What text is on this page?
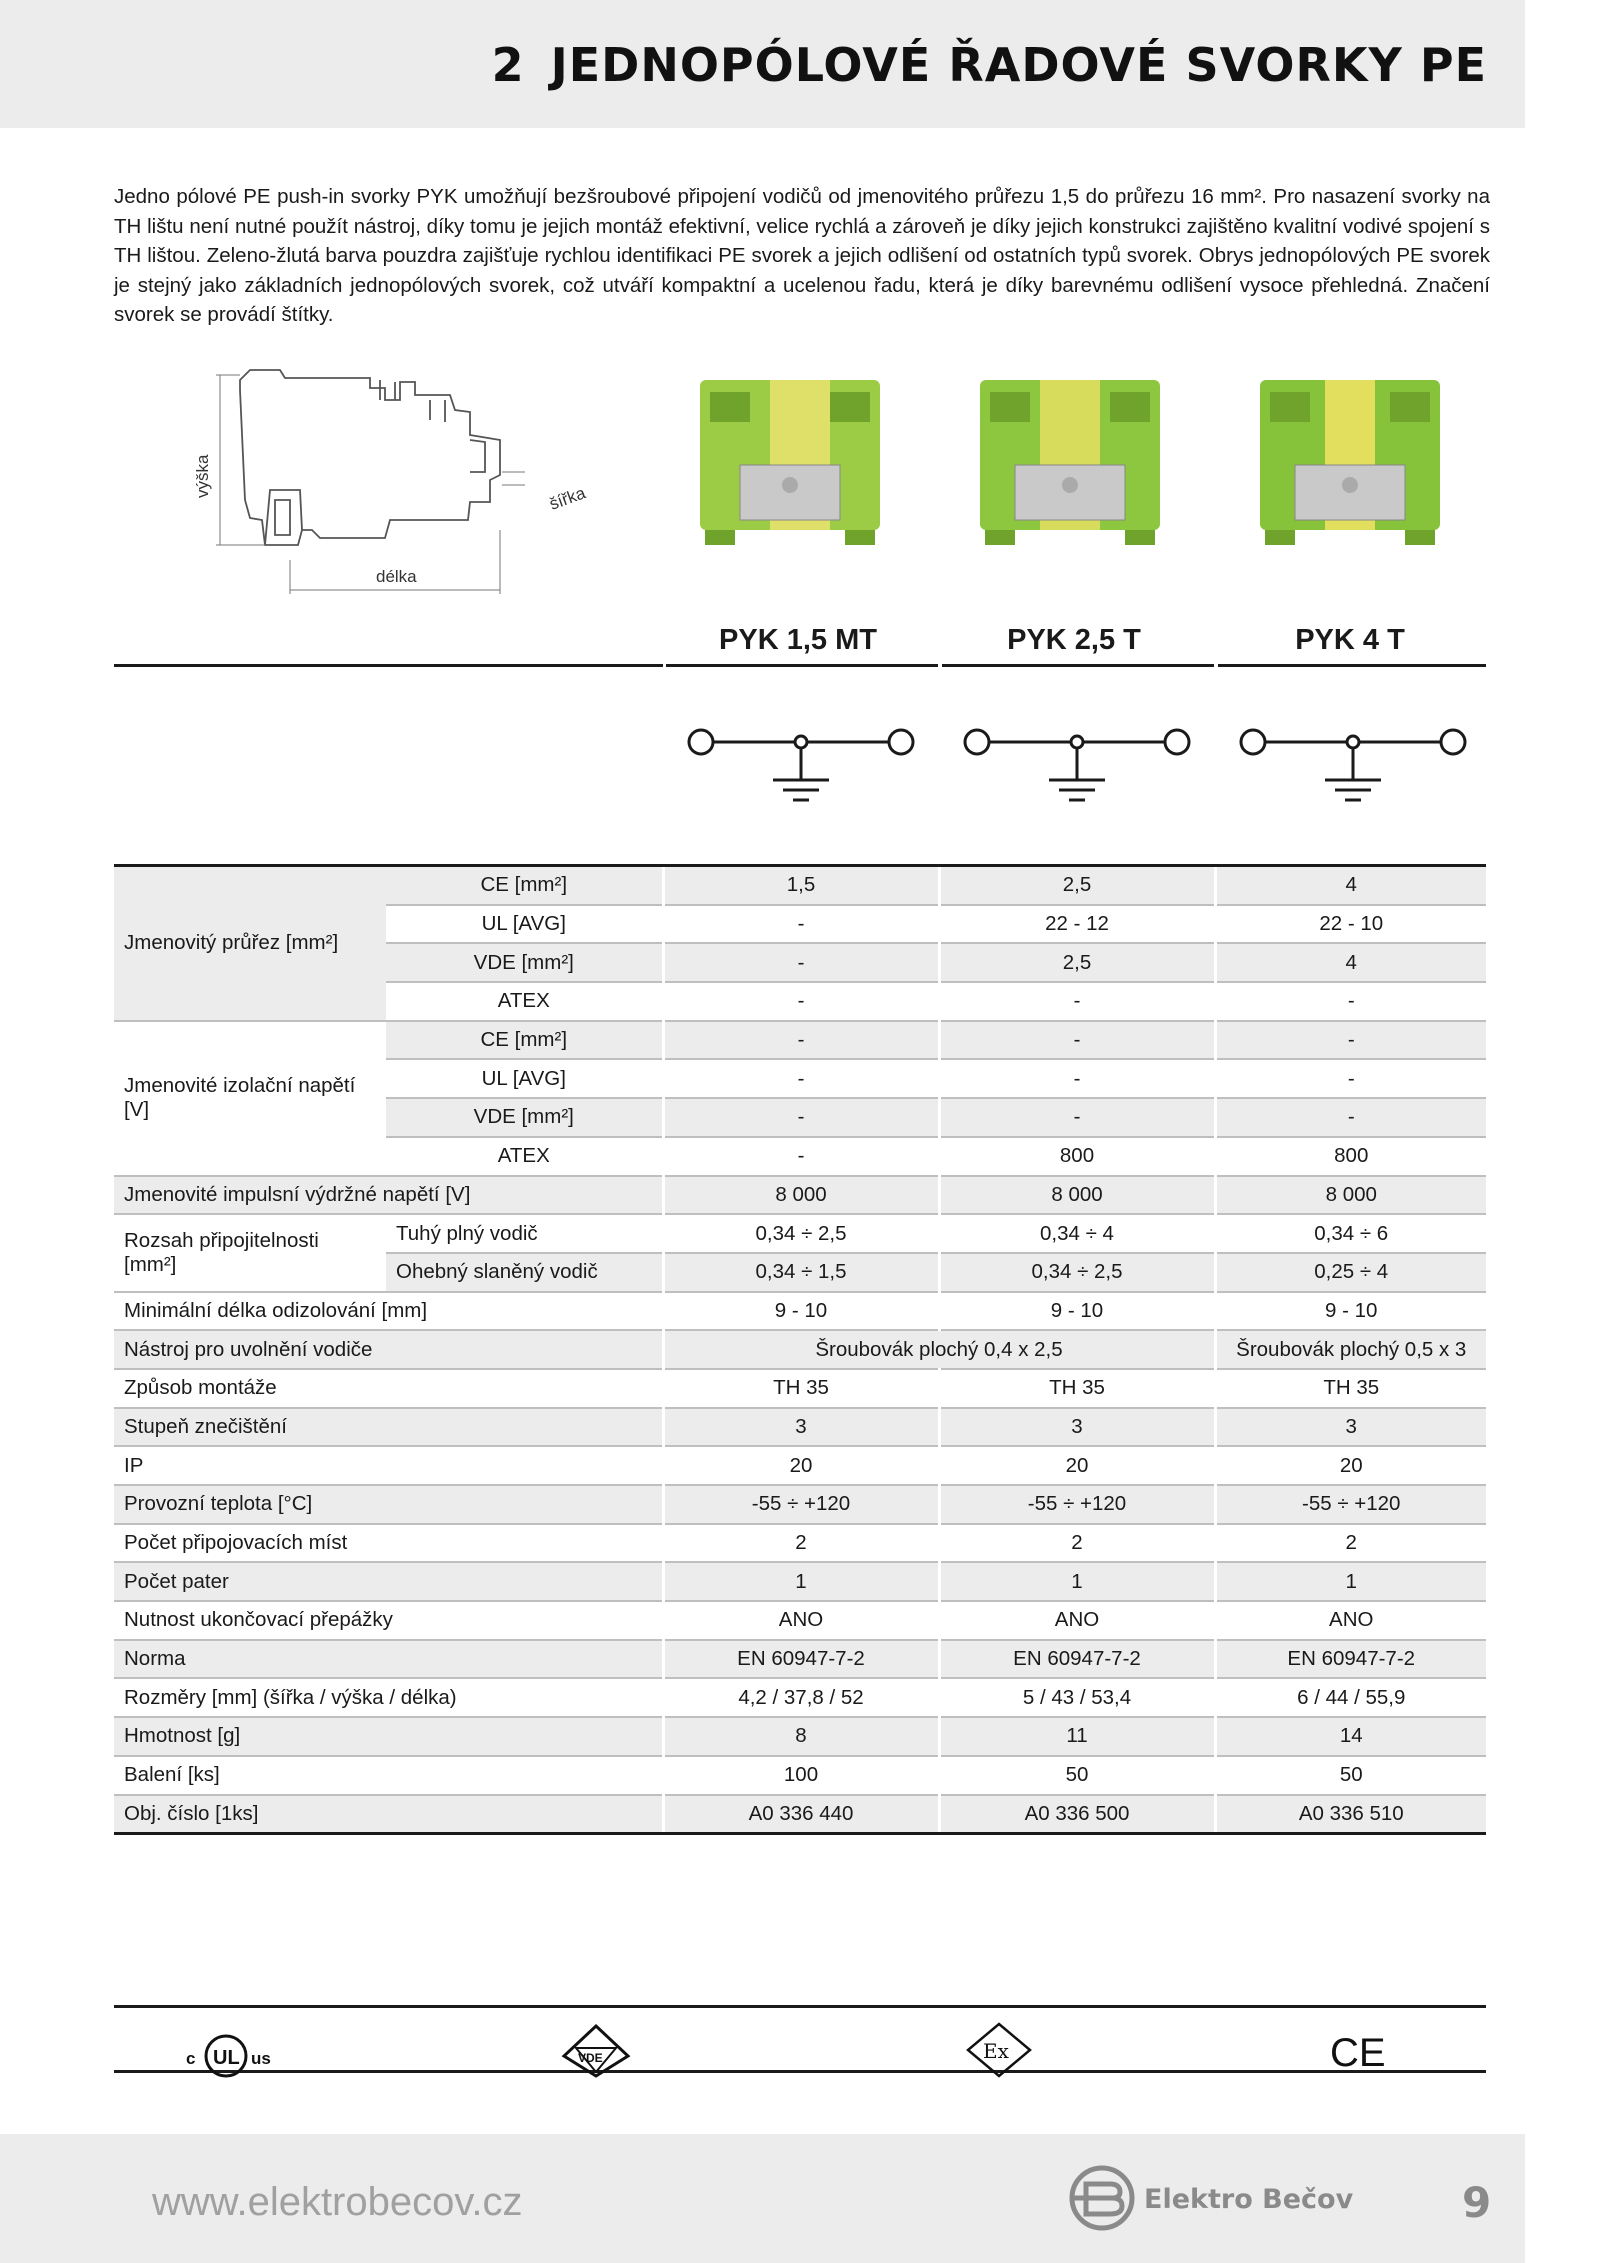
2 JEDNOPÓLOVÉ ŘADOVÉ SVORKY PE
Jedno pólové PE push-in svorky PYK umožňují bezšroubové připojení vodičů od jmenovitého průřezu 1,5 do průřezu 16 mm². Pro nasazení svorky na TH lištu není nutné použít nástroj, díky tomu je jejich montáž efektivní, velice rychlá a zároveň je díky jejich konstrukci zajištěno kvalitní vodivé spojení s TH lištou. Zeleno-žlutá barva pouzdra zajišťuje rychlou identifikaci PE svorek a jejich odlišení od ostatních typů svorek. Obrys jednopólových PE svorek je stejný jako základních jednopólových svorek, což utváří kompaktní a ucelenou řadu, která je díky barevnému odlišení vysoce přehledná. Značení svorek se provádí štítky.
výška
délka
šířka
PYK 1,5 MT	PYK 2,5 T	PYK 4 T
Jmenovitý průřez [mm²]	CE [mm²]	1,5	2,5	4
	UL [AVG]	-	22 - 12	22 - 10
	VDE [mm²]	-	2,5	4
	ATEX	-	-	-
Jmenovité izolační napětí [V]	CE [mm²]	-	-	-
	UL [AVG]	-	-	-
	VDE [mm²]	-	-	-
	ATEX	-	800	800
Jmenovité impulsní výdržné napětí [V]		8 000	8 000	8 000
Rozsah připojitelnosti [mm²]	Tuhý plný vodič	0,34 ÷ 2,5	0,34 ÷ 4	0,34 ÷ 6
	Ohebný slaněný vodič	0,34 ÷ 1,5	0,34 ÷ 2,5	0,25 ÷ 4
Minimální délka odizolování [mm]		9 - 10	9 - 10	9 - 10
Nástroj pro uvolnění vodiče		Šroubovák plochý 0,4 x 2,5		Šroubovák plochý 0,5 x 3
Způsob montáže		TH 35	TH 35	TH 35
Stupeň znečištění		3	3	3
IP		20	20	20
Provozní teplota [°C]		-55 ÷ +120	-55 ÷ +120	-55 ÷ +120
Počet připojovacích míst		2	2	2
Počet pater		1	1	1
Nutnost ukončovací přepážky		ANO	ANO	ANO
Norma		EN 60947-7-2	EN 60947-7-2	EN 60947-7-2
Rozměry [mm] (šířka / výška / délka)		4,2 / 37,8 / 52	5 / 43 / 53,4	6 / 44 / 55,9
Hmotnost [g]		8	11	14
Balení [ks]		100	50	50
Obj. číslo [1ks]		A0 336 440	A0 336 500	A0 336 510
c UL us	VDE	Ex	CE
www.elektrobecov.cz	Elektro Bečov	9
